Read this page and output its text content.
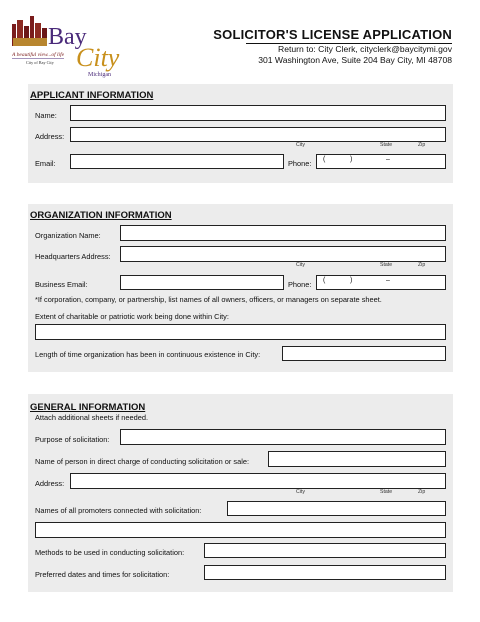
Bay
City
Michigan
A beautiful view...of life
City of Bay City
SOLICITOR'S LICENSE APPLICATION
Return to: City Clerk, cityclerk@baycitymi.gov
301 Washington Ave, Suite 204 Bay City, MI 48708
APPLICANT INFORMATION
Name:
Address:
City	State	Zip
Email:	Phone: (	)	–
ORGANIZATION INFORMATION
Organization Name:
Headquarters Address:
City	State	Zip
Business Email:	Phone: (	)	–
*If corporation, company, or partnership, list names of all owners, officers, or managers on separate sheet.
Extent of charitable or patriotic work being done within City:
Length of time organization has been in continuous existence in City:
GENERAL INFORMATION
Attach additional sheets if needed.
Purpose of solicitation:
Name of person in direct charge of conducting solicitation or sale:
Address:
City	State	Zip
Names of all promoters connected with solicitation:
Methods to be used in conducting solicitation:
Preferred dates and times for solicitation:
